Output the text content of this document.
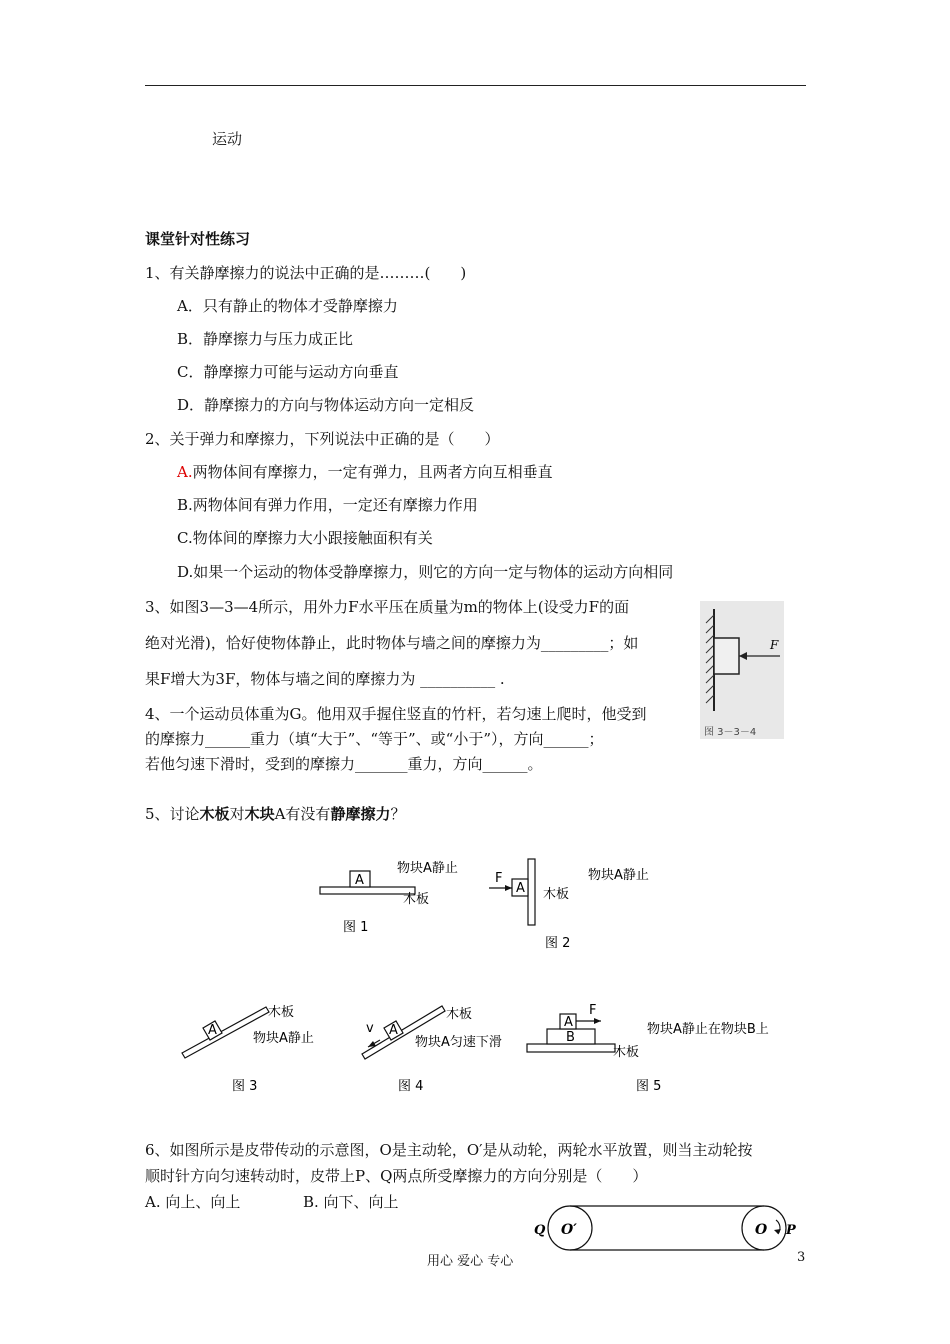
运动
课堂针对性练习
1、有关静摩擦力的说法中正确的是………(　　)
A．只有静止的物体才受静摩擦力
B．静摩擦力与压力成正比
C．静摩擦力可能与运动方向垂直
D．静摩擦力的方向与物体运动方向一定相反
2、关于弹力和摩擦力，下列说法中正确的是（　　）
A.两物体间有摩擦力，一定有弹力，且两者方向互相垂直
B.两物体间有弹力作用，一定还有摩擦力作用
C.物体间的摩擦力大小跟接触面积有关
D.如果一个运动的物体受静摩擦力，则它的方向一定与物体的运动方向相同
3、如图3—3—4所示，用外力F水平压在质量为m的物体上(设受力F的面
绝对光滑)，恰好使物体静止，此时物体与墙之间的摩擦力为_________；如
果F增大为3F，物体与墙之间的摩擦力为 __________ .
F
图 3－3－4
4、一个运动员体重为G。他用双手握住竖直的竹杆，若匀速上爬时，他受到
的摩擦力______重力（填“大于”、“等于”、或“小于”），方向______；
若他匀速下滑时，受到的摩擦力_______重力，方向______。
5、讨论木板对木块A有没有静摩擦力？
A
物块A静止
木板
图 1
A
F
木板
物块A静止
图 2
A
木板
物块A静止
图 3
A
v
木板
物块A匀速下滑
图 4
B
A
F
木板
物块A静止在物块B上
图 5
6、如图所示是皮带传动的示意图，O是主动轮，O′是从动轮，两轮水平放置，则当主动轮按
顺时针方向匀速转动时，皮带上P、Q两点所受摩擦力的方向分别是（　　）
A. 向上、向上	B. 向下、向上
O′	O
Q	P
用心 爱心 专心	3
